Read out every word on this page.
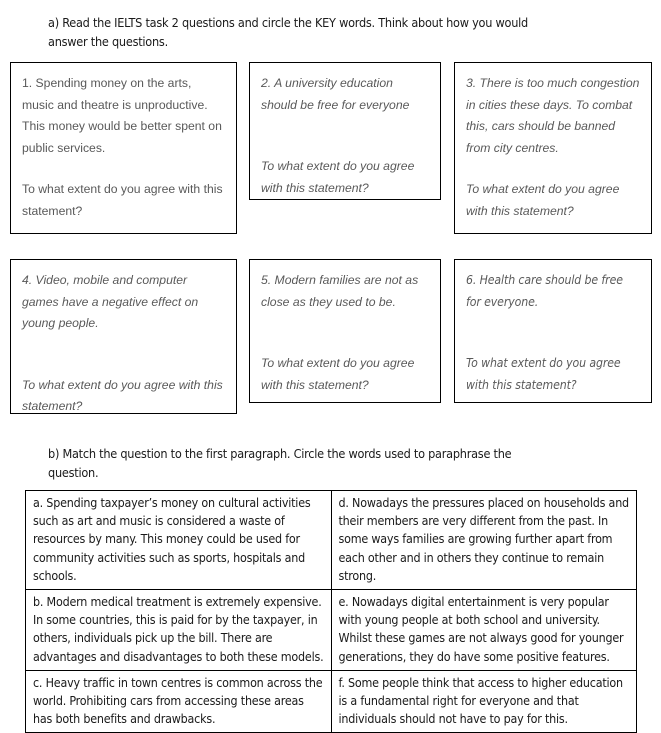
a) Read the IELTS task 2 questions and circle the KEY words. Think about how you would
answer the questions.

1. Spending money on the arts, music and theatre is unproductive. This money would be better spent on public services.

To what extent do you agree with this statement?

2. A university education should be free for everyone

To what extent do you agree with this statement?

3. There is too much congestion in cities these days. To combat this, cars should be banned from city centres.

To what extent do you agree with this statement?

4. Video, mobile and computer games have a negative effect on young people.

To what extent do you agree with this statement?

5. Modern families are not as close as they used to be.

To what extent do you agree with this statement?

6. Health care should be free for everyone.

To what extent do you agree with this statement?

b) Match the question to the first paragraph. Circle the words used to paraphrase the
question.
a. Spending taxpayer’s money on cultural activities such as art and music is considered a waste of resources by many. This money could be used for community activities such as sports, hospitals and schools.	d. Nowadays the pressures placed on households and their members are very different from the past. In some ways families are growing further apart from each other and in others they continue to remain strong.
b. Modern medical treatment is extremely expensive. In some countries, this is paid for by the taxpayer, in others, individuals pick up the bill. There are advantages and disadvantages to both these models.	e. Nowadays digital entertainment is very popular with young people at both school and university. Whilst these games are not always good for younger generations, they do have some positive features.
c. Heavy traffic in town centres is common across the world. Prohibiting cars from accessing these areas has both benefits and drawbacks.	f. Some people think that access to higher education is a fundamental right for everyone and that individuals should not have to pay for this.
